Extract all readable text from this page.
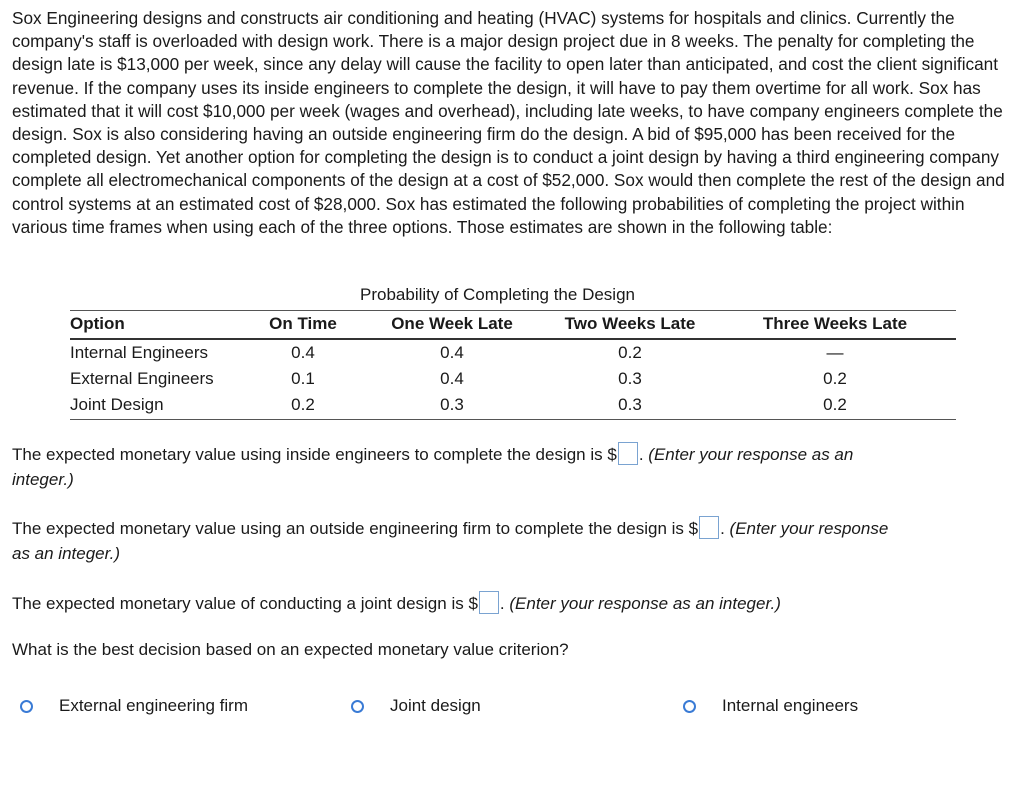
Sox Engineering designs and constructs air conditioning and heating (HVAC) systems for hospitals and clinics. Currently the company's staff is overloaded with design work. There is a major design project due in 8 weeks. The penalty for completing the design late is $13,000 per week, since any delay will cause the facility to open later than anticipated, and cost the client significant revenue. If the company uses its inside engineers to complete the design, it will have to pay them overtime for all work. Sox has estimated that it will cost $10,000 per week (wages and overhead), including late weeks, to have company engineers complete the design. Sox is also considering having an outside engineering firm do the design. A bid of $95,000 has been received for the completed design. Yet another option for completing the design is to conduct a joint design by having a third engineering company complete all electromechanical components of the design at a cost of $52,000. Sox would then complete the rest of the design and control systems at an estimated cost of $28,000. Sox has estimated the following probabilities of completing the project within various time frames when using each of the three options. Those estimates are shown in the following table:
Probability of Completing the Design
Option	On Time	One Week Late	Two Weeks Late	Three Weeks Late
Internal Engineers	0.4	0.4	0.2	—
External Engineers	0.1	0.4	0.3	0.2
Joint Design	0.2	0.3	0.3	0.2
The expected monetary value using inside engineers to complete the design is $ . (Enter your response as an
integer.)
The expected monetary value using an outside engineering firm to complete the design is $ . (Enter your response
as an integer.)
The expected monetary value of conducting a joint design is $ . (Enter your response as an integer.)
What is the best decision based on an expected monetary value criterion?
External engineering firm	Joint design	Internal engineers
